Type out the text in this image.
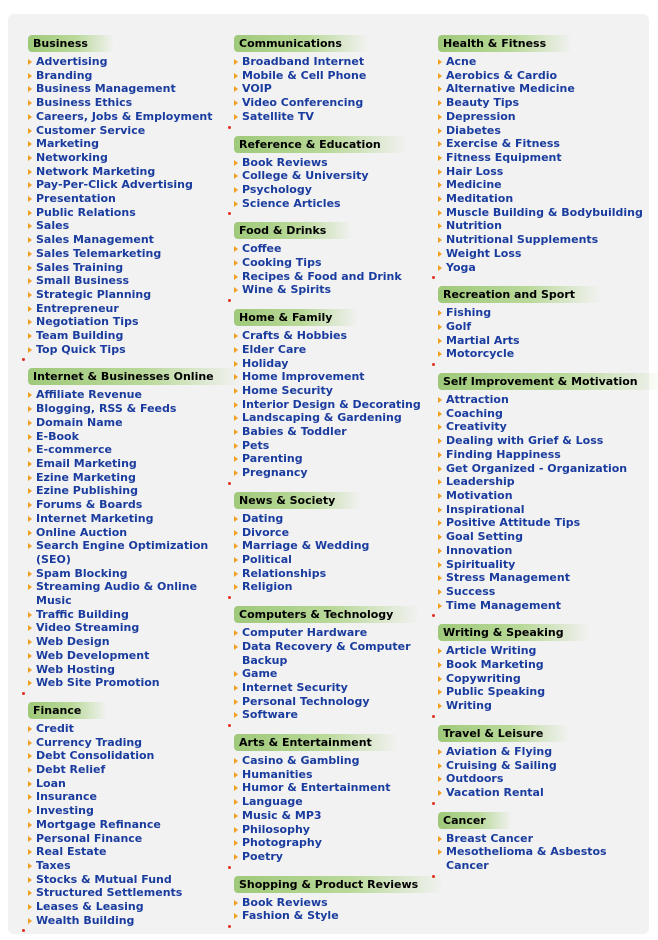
Business
Advertising
Branding
Business Management
Business Ethics
Careers, Jobs & Employment
Customer Service
Marketing
Networking
Network Marketing
Pay-Per-Click Advertising
Presentation
Public Relations
Sales
Sales Management
Sales Telemarketing
Sales Training
Small Business
Strategic Planning
Entrepreneur
Negotiation Tips
Team Building
Top Quick Tips
Internet & Businesses Online
Affiliate Revenue
Blogging, RSS & Feeds
Domain Name
E-Book
E-commerce
Email Marketing
Ezine Marketing
Ezine Publishing
Forums & Boards
Internet Marketing
Online Auction
Search Engine Optimization (SEO)
Spam Blocking
Streaming Audio & Online Music
Traffic Building
Video Streaming
Web Design
Web Development
Web Hosting
Web Site Promotion
Finance
Credit
Currency Trading
Debt Consolidation
Debt Relief
Loan
Insurance
Investing
Mortgage Refinance
Personal Finance
Real Estate
Taxes
Stocks & Mutual Fund
Structured Settlements
Leases & Leasing
Wealth Building
Communications
Broadband Internet
Mobile & Cell Phone
VOIP
Video Conferencing
Satellite TV
Reference & Education
Book Reviews
College & University
Psychology
Science Articles
Food & Drinks
Coffee
Cooking Tips
Recipes & Food and Drink
Wine & Spirits
Home & Family
Crafts & Hobbies
Elder Care
Holiday
Home Improvement
Home Security
Interior Design & Decorating
Landscaping & Gardening
Babies & Toddler
Pets
Parenting
Pregnancy
News & Society
Dating
Divorce
Marriage & Wedding
Political
Relationships
Religion
Computers & Technology
Computer Hardware
Data Recovery & Computer Backup
Game
Internet Security
Personal Technology
Software
Arts & Entertainment
Casino & Gambling
Humanities
Humor & Entertainment
Language
Music & MP3
Philosophy
Photography
Poetry
Shopping & Product Reviews
Book Reviews
Fashion & Style
Health & Fitness
Acne
Aerobics & Cardio
Alternative Medicine
Beauty Tips
Depression
Diabetes
Exercise & Fitness
Fitness Equipment
Hair Loss
Medicine
Meditation
Muscle Building & Bodybuilding
Nutrition
Nutritional Supplements
Weight Loss
Yoga
Recreation and Sport
Fishing
Golf
Martial Arts
Motorcycle
Self Improvement & Motivation
Attraction
Coaching
Creativity
Dealing with Grief & Loss
Finding Happiness
Get Organized - Organization
Leadership
Motivation
Inspirational
Positive Attitude Tips
Goal Setting
Innovation
Spirituality
Stress Management
Success
Time Management
Writing & Speaking
Article Writing
Book Marketing
Copywriting
Public Speaking
Writing
Travel & Leisure
Aviation & Flying
Cruising & Sailing
Outdoors
Vacation Rental
Cancer
Breast Cancer
Mesothelioma & Asbestos Cancer
